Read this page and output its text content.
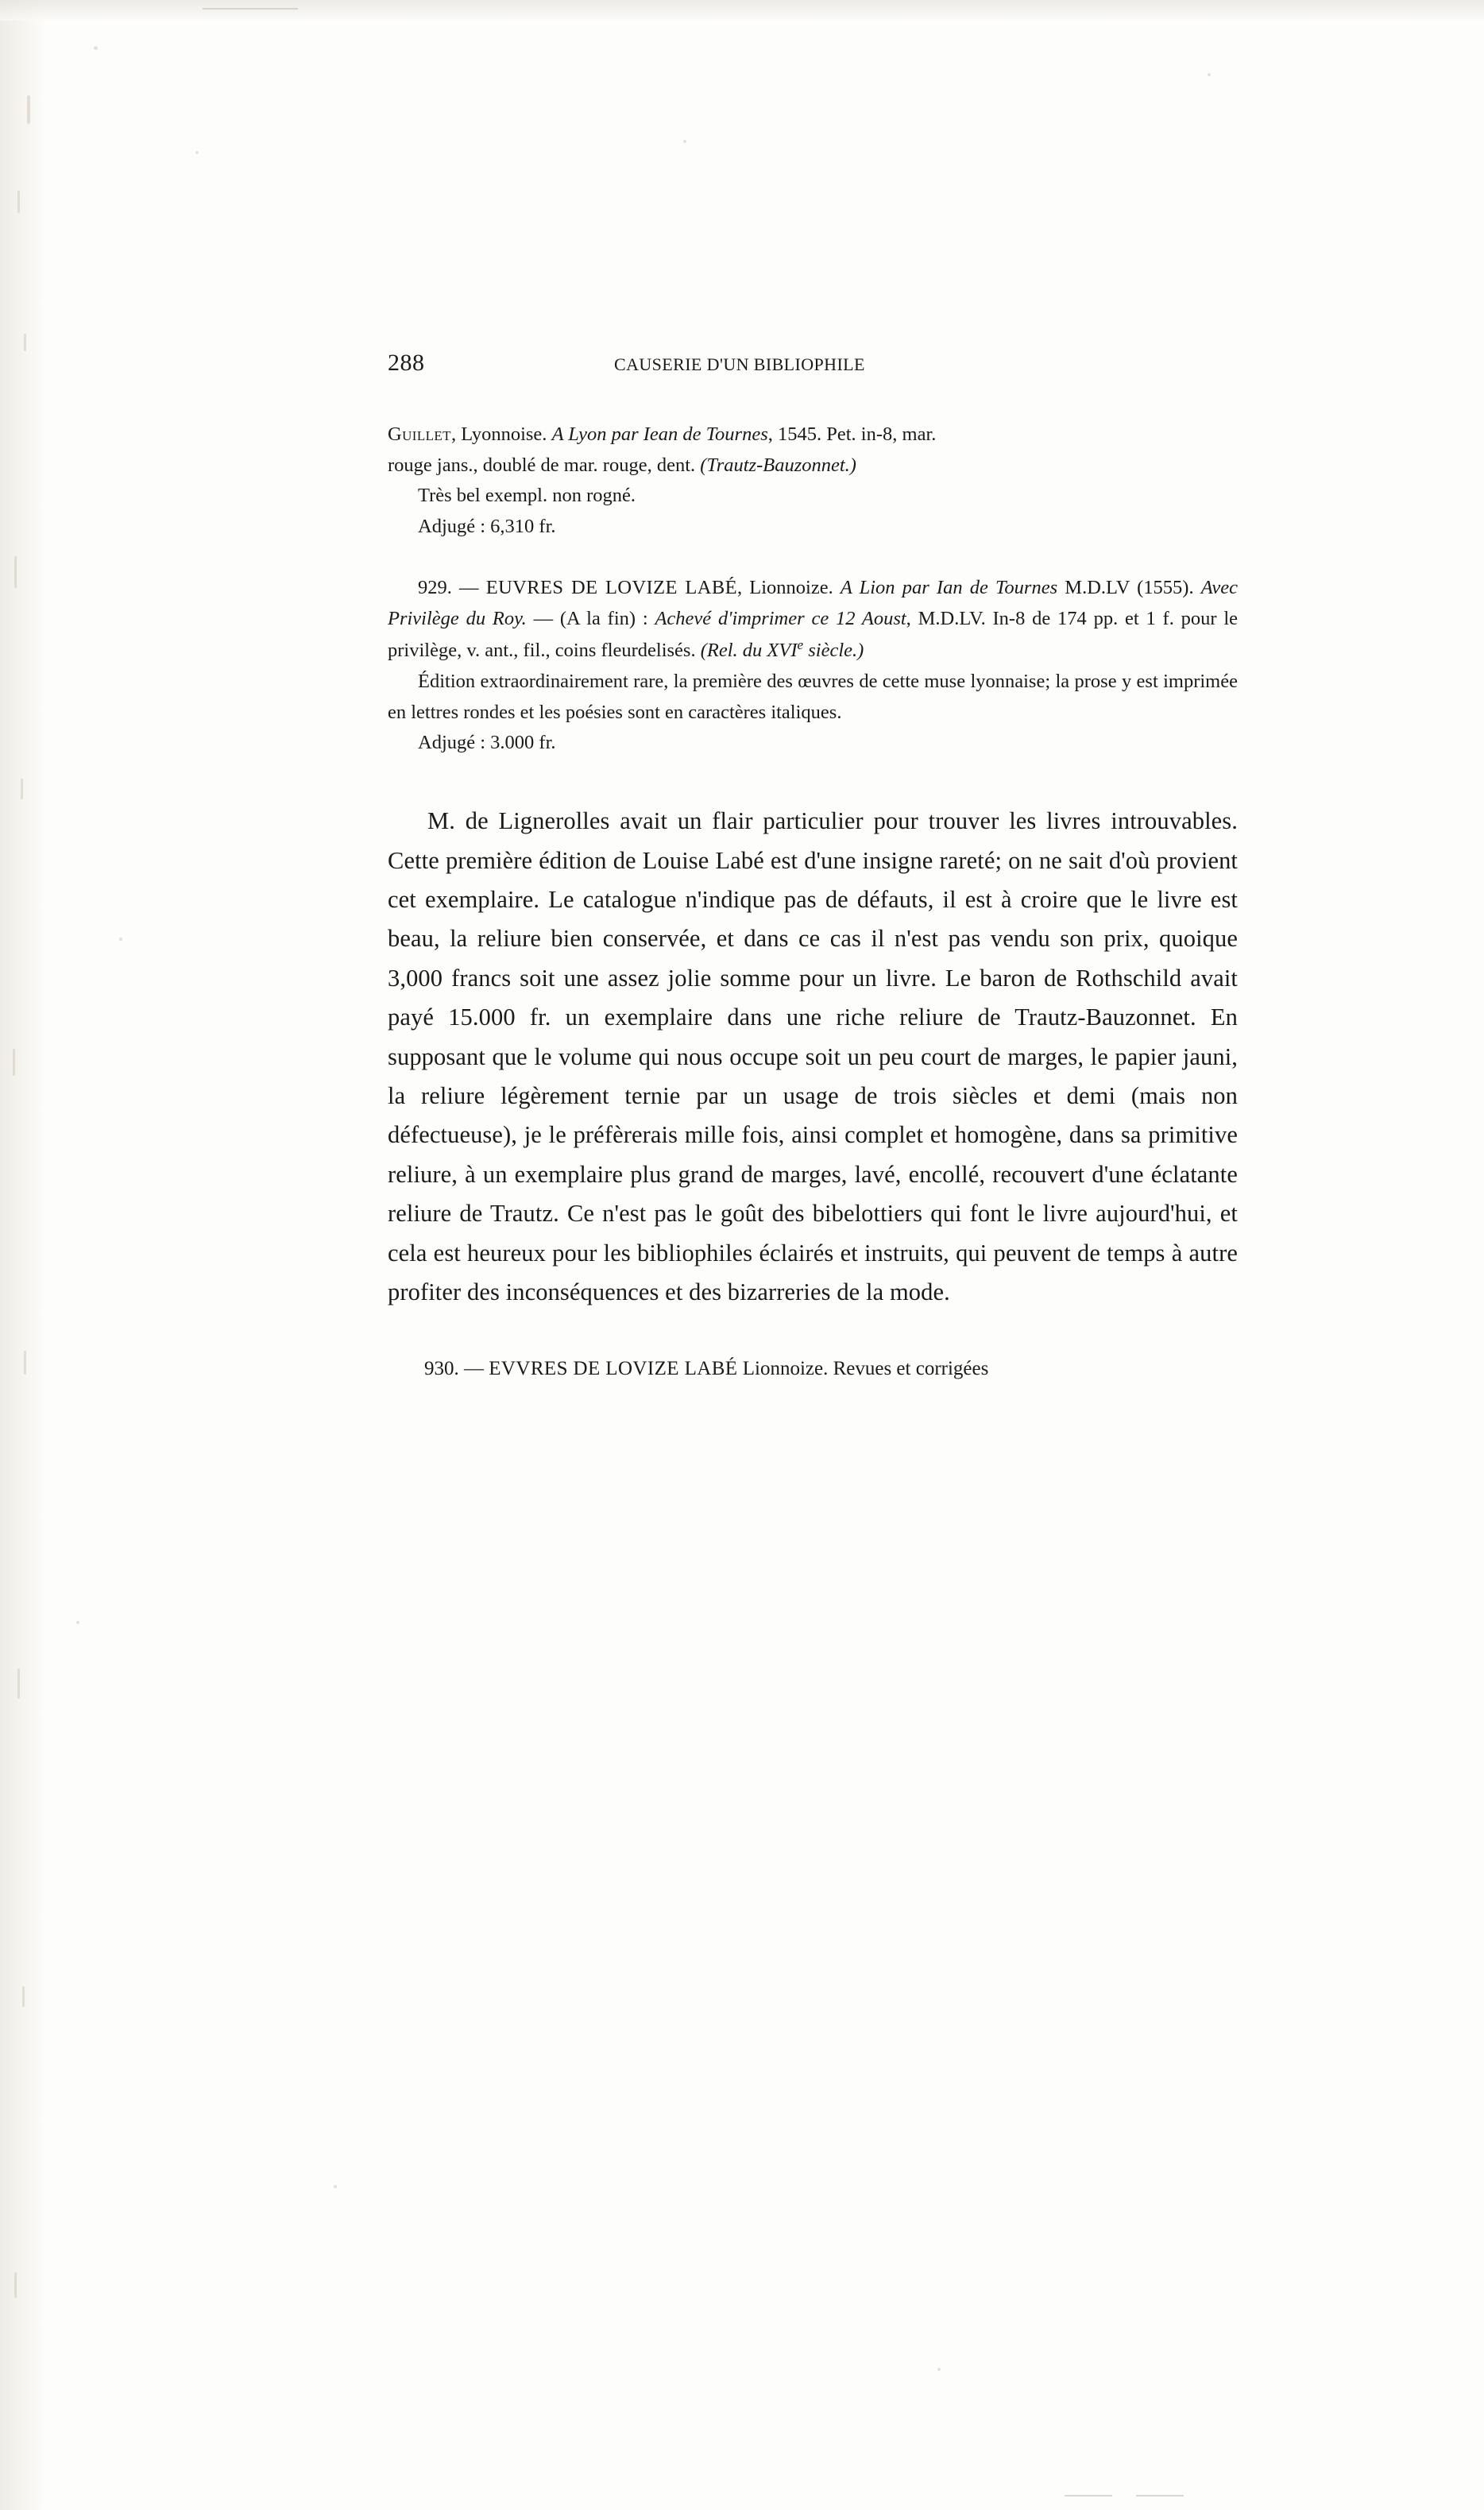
288	CAUSERIE D'UN BIBLIOPHILE

Guillet, Lyonnoise. A Lyon par Iean de Tournes, 1545. Pet. in-8, mar.

rouge jans., doublé de mar. rouge, dent. (Trautz-Bauzonnet.)

Très bel exempl. non rogné.

Adjugé : 6,310 fr.

929. — EUVRES DE LOVIZE LABÉ, Lionnoize. A Lion par Ian de Tournes M.D.LV (1555). Avec Privilège du Roy. — (A la fin) : Achevé d'imprimer ce 12 Aoust, M.D.LV. In-8 de 174 pp. et 1 f. pour le privilège, v. ant., fil., coins fleurdelisés. (Rel. du XVIe siècle.)

Édition extraordinairement rare, la première des œuvres de cette muse lyonnaise; la prose y est imprimée en lettres rondes et les poésies sont en caractères italiques.

Adjugé : 3.000 fr.

M. de Lignerolles avait un flair particulier pour trouver les livres introuvables. Cette première édition de Louise Labé est d'une insigne rareté; on ne sait d'où provient cet exemplaire. Le catalogue n'indique pas de défauts, il est à croire que le livre est beau, la reliure bien conservée, et dans ce cas il n'est pas vendu son prix, quoique 3,000 francs soit une assez jolie somme pour un livre. Le baron de Rothschild avait payé 15.000 fr. un exemplaire dans une riche reliure de Trautz-Bauzonnet. En supposant que le volume qui nous occupe soit un peu court de marges, le papier jauni, la reliure légèrement ternie par un usage de trois siècles et demi (mais non défectueuse), je le préfèrerais mille fois, ainsi complet et homogène, dans sa primitive reliure, à un exemplaire plus grand de marges, lavé, encollé, recouvert d'une éclatante reliure de Trautz. Ce n'est pas le goût des bibelottiers qui font le livre aujourd'hui, et cela est heureux pour les bibliophiles éclairés et instruits, qui peuvent de temps à autre profiter des inconséquences et des bizarreries de la mode.

930. — EVVRES DE LOVIZE LABÉ Lionnoize. Revues et corrigées
